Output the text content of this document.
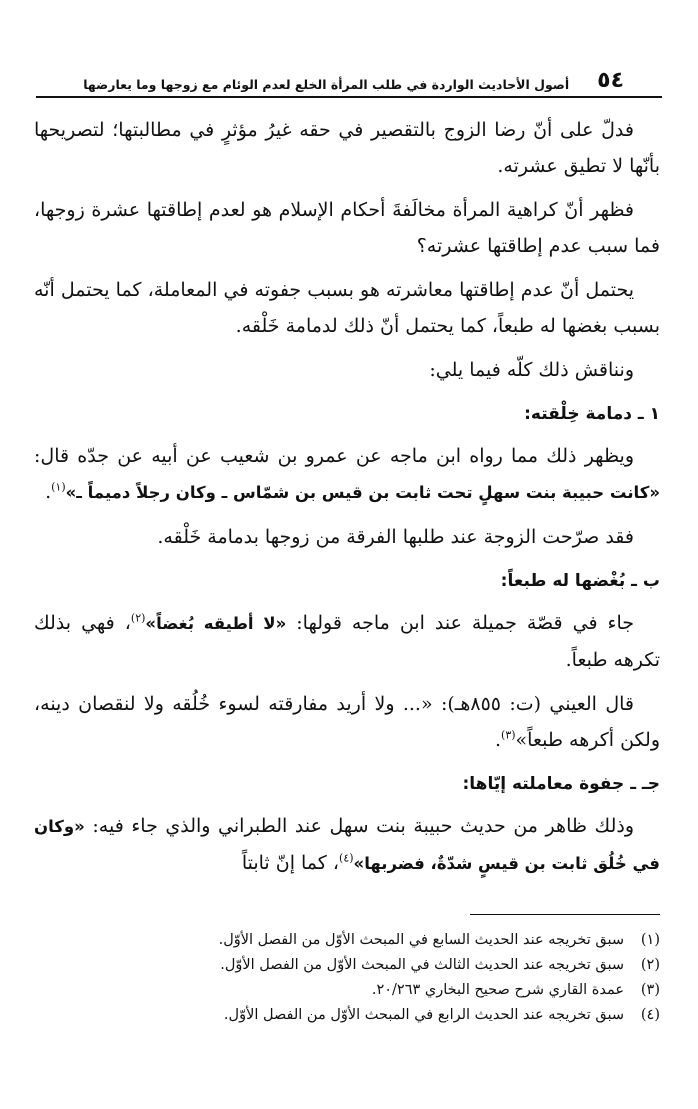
٥٤
أصول الأحاديث الواردة في طلب المرأة الخلع لعدم الوئام مع زوجها وما يعارضها

فدلّ على أنّ رضا الزوج بالتقصير في حقه غيرُ مؤثرٍ في مطالبتها؛ لتصريحها بأنّها لا تطيق عشرته.

فظهر أنّ كراهية المرأة مخالَفةَ أحكام الإسلام هو لعدم إطاقتها عشرة زوجها، فما سبب عدم إطاقتها عشرته؟

يحتمل أنّ عدم إطاقتها معاشرته هو بسبب جفوته في المعاملة، كما يحتمل أنّه بسبب بغضها له طبعاً، كما يحتمل أنّ ذلك لدمامة خَلْقه.

ونناقش ذلك كلّه فيما يلي:

١ ـ دمامة خِلْقته:

ويظهر ذلك مما رواه ابن ماجه عن عمرو بن شعيب عن أبيه عن جدّه قال: «كانت حبيبة بنت سهلٍ تحت ثابت بن قيس بن شمّاس ـ وكان رجلاً دميماً ـ»$^{(١)}$.

فقد صرّحت الزوجة عند طلبها الفرقة من زوجها بدمامة خَلْقه.

ب ـ بُغْضها له طبعاً:

جاء في قصّة جميلة عند ابن ماجه قولها: «لا أطيقه بُغضاً»$^{(٢)}$، فهي بذلك تكرهه طبعاً.

قال العيني (ت: ٨٥٥هـ): «... ولا أريد مفارقته لسوء خُلُقه ولا لنقصان دينه، ولكن أكرهه طبعاً»$^{(٣)}$.

جـ ـ جفوة معاملته إيّاها:

وذلك ظاهر من حديث حبيبة بنت سهل عند الطبراني والذي جاء فيه: «وكان في خُلُق ثابت بن قيسٍ شدّةٌ، فضربها»$^{(٤)}$، كما إنّ ثابتاً

(١)
سبق تخريجه عند الحديث السابع في المبحث الأوّل من الفصل الأوّل.
(٢)
سبق تخريجه عند الحديث الثالث في المبحث الأوّل من الفصل الأوّل.
(٣)
عمدة القاري شرح صحيح البخاري ٢٠/٢٦٣.
(٤)
سبق تخريجه عند الحديث الرابع في المبحث الأوّل من الفصل الأوّل.
